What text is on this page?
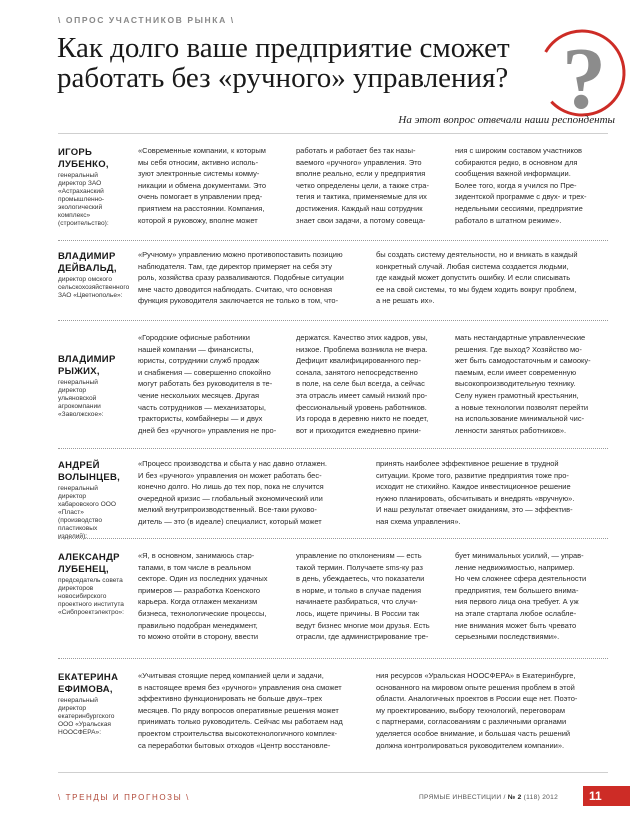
\ ОПРОС УЧАСТНИКОВ РЫНКА \
Как долго ваше предприятие сможет
работать без «ручного» управления? ?
На этот вопрос отвечали наши респонденты
ИГОРЬ
ЛУБЕНКО,
генеральный директор ЗАО «Астраханский промышленно-экологический комплекс» (строительство):
«Современные компании, к которым
мы себя относим, активно исполь-
зуют электронные системы комму-
никации и обмена документами. Это
очень помогает в управлении пред-
приятием на расстоянии. Компания,
которой я руковожу, вполне может
работать и работает без так назы-
ваемого «ручного» управления. Это
вполне реально, если у предприятия
четко определены цели, а также стра-
тегия и тактика, применяемые для их
достижения. Каждый наш сотрудник
знает свои задачи, а потому совеща-
ния с широким составом участников
собираются редко, в основном для
сообщения важной информации.
Более того, когда я учился по Пре-
зидентской программе с двух- и трех-
недельными сессиями, предприятие
работало в штатном режиме».
ВЛАДИМИР
ДЕЙВАЛЬД,
директор омского сельскохозяйственного ЗАО «Цветнополье»:
«Ручному» управлению можно противопоставить позицию
наблюдателя. Там, где директор примеряет на себя эту
роль, хозяйства сразу разваливаются. Подобные ситуации
мне часто доводится наблюдать. Считаю, что основная
функция руководителя заключается не только в том, что-
бы создать систему деятельности, но и вникать в каждый
конкретный случай. Любая система создается людьми,
где каждый может допустить ошибку. И если списывать
ее на свой системы, то мы будем ходить вокруг проблем,
а не решать их».
ВЛАДИМИР
РЫЖИХ,
генеральный директор ульяновской агрокомпании «Заволжское»:
«Городские офисные работники
нашей компании — финансисты,
юристы, сотрудники служб продаж
и снабжения — совершенно спокойно
могут работать без руководителя в те-
чение нескольких месяцев. Другая
часть сотрудников — механизаторы,
трактористы, комбайнеры — и двух
дней без «ручного» управления не про-
держатся. Качество этих кадров, увы,
низкое. Проблема возникла не вчера.
Дефицит квалифицированного пер-
сонала, занятого непосредственно
в поле, на селе был всегда, а сейчас
эта отрасль имеет самый низкий про-
фессиональный уровень работников.
Из города в деревню никто не поедет,
вот и приходится ежедневно прини-
мать нестандартные управленческие
решения. Где выход? Хозяйство мо-
жет быть самодостаточным и самооку-
паемым, если имеет современную
высокопроизводительную технику.
Селу нужен грамотный крестьянин,
а новые технологии позволят перейти
на использование минимальной чис-
ленности занятых работников».
АНДРЕЙ
ВОЛЫНЦЕВ,
генеральный директор хабаровского ООО «Пласт» (производство пластиковых изделий):
«Процесс производства и сбыта у нас давно отлажен.
И без «ручного» управления он может работать бес-
конечно долго. Но лишь до тех пор, пока не случится
очередной кризис — глобальный экономический или
мелкий внутрипроизводственный. Все-таки руково-
дитель — это (в идеале) специалист, который может
принять наиболее эффективное решение в трудной
ситуации. Кроме того, развитие предприятия тоже про-
исходит не стихийно. Каждое инвестиционное решение
нужно планировать, обсчитывать и внедрять «вручную».
И наш результат отвечает ожиданиям, это — эффектив-
ная схема управления».
АЛЕКСАНДР
ЛУБЕНЕЦ,
председатель совета директоров новосибирского проектного института «Сибпроектэлектро»:
«Я, в основном, занимаюсь стар-
тапами, в том числе в реальном
секторе. Один из последних удачных
примеров — разработка Коенского
карьера. Когда отлажен механизм
бизнеса, технологические процессы,
правильно подобран менеджмент,
то можно отойти в сторону, ввести
управление по отклонениям — есть
такой термин. Получаете sms-ку раз
в день, убеждаетесь, что показатели
в норме, и только в случае падения
начинаете разбираться, что случи-
лось, ищете причины. В России так
ведут бизнес многие мои друзья. Есть
отрасли, где администрирование тре-
бует минимальных усилий, — управ-
ление недвижимостью, например.
Но чем сложнее сфера деятельности
предприятия, тем большего внима-
ния первого лица она требует. А уж
на этапе стартапа любое ослабле-
ние внимания может быть чревато
серьезными последствиями».
ЕКАТЕРИНА
ЕФИМОВА,
генеральный директор екатеринбургского ООО «Уральская НООСФЕРА»:
«Учитывая стоящие перед компанией цели и задачи,
в настоящее время без «ручного» управления она сможет
эффективно функционировать не больше двух–трех
месяцев. По ряду вопросов оперативные решения может
принимать только руководитель. Сейчас мы работаем над
проектом строительства высокотехнологичного комплек-
са переработки бытовых отходов «Центр восстановле-
ния ресурсов «Уральская НООСФЕРА» в Екатеринбурге,
основанного на мировом опыте решения проблем в этой
области. Аналогичных проектов в России еще нет. Поэто-
му проектированию, выбору технологий, переговорам
с партнерами, согласованиям с различными органами
уделяется особое внимание, и большая часть решений
должна контролироваться руководителем компании».
\ ТРЕНДЫ И ПРОГНОЗЫ \	ПРЯМЫЕ ИНВЕСТИЦИИ / № 2 (118) 2012	11
